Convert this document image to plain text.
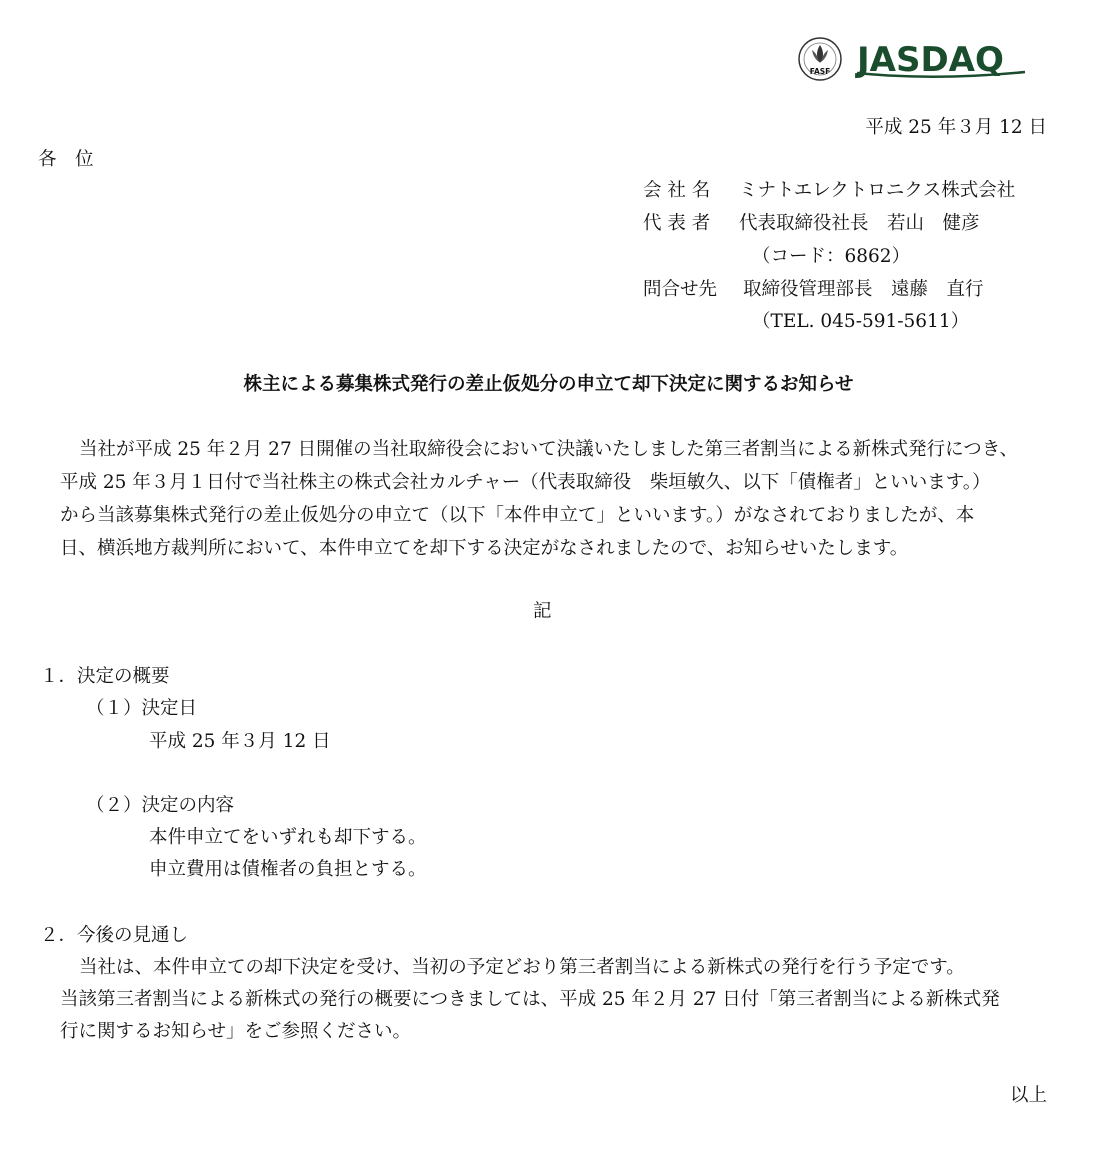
FASF JASDAQ
平成 25 年３月 12 日
各　位
会 社 名 ミナトエレクトロニクス株式会社
代 表 者 代表取締役社長　若山　健彦
（コード：6862）
問合せ先 取締役管理部長　遠藤　直行
（TEL. 045-591-5611）
株主による募集株式発行の差止仮処分の申立て却下決定に関するお知らせ
当社が平成 25 年２月 27 日開催の当社取締役会において決議いたしました第三者割当による新株式発行につき、
平成 25 年３月１日付で当社株主の株式会社カルチャー（代表取締役　柴垣敏久、以下「債権者」といいます。）
から当該募集株式発行の差止仮処分の申立て（以下「本件申立て」といいます。）がなされておりましたが、本
日、横浜地方裁判所において、本件申立てを却下する決定がなされましたので、お知らせいたします。
記
１．決定の概要
（１）決定日
平成 25 年３月 12 日
（２）決定の内容
本件申立てをいずれも却下する。
申立費用は債権者の負担とする。
２．今後の見通し
当社は、本件申立ての却下決定を受け、当初の予定どおり第三者割当による新株式の発行を行う予定です。
当該第三者割当による新株式の発行の概要につきましては、平成 25 年２月 27 日付「第三者割当による新株式発
行に関するお知らせ」をご参照ください。
以上
